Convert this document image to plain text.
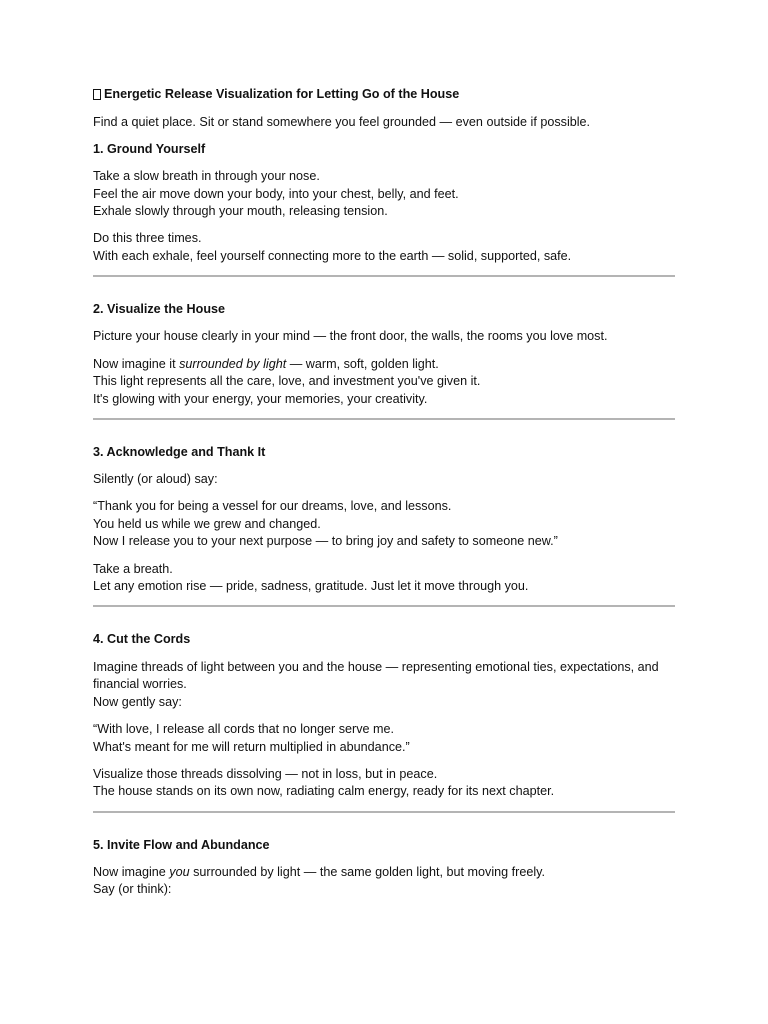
Energetic Release Visualization for Letting Go of the House

Find a quiet place. Sit or stand somewhere you feel grounded — even outside if possible.

1. Ground Yourself

Take a slow breath in through your nose.
Feel the air move down your body, into your chest, belly, and feet.
Exhale slowly through your mouth, releasing tension.

Do this three times.
With each exhale, feel yourself connecting more to the earth — solid, supported, safe.

2. Visualize the House

Picture your house clearly in your mind — the front door, the walls, the rooms you love most.

Now imagine it surrounded by light — warm, soft, golden light.
This light represents all the care, love, and investment you've given it.
It's glowing with your energy, your memories, your creativity.

3. Acknowledge and Thank It

Silently (or aloud) say:

“Thank you for being a vessel for our dreams, love, and lessons.
You held us while we grew and changed.
Now I release you to your next purpose — to bring joy and safety to someone new.”

Take a breath.
Let any emotion rise — pride, sadness, gratitude. Just let it move through you.

4. Cut the Cords

Imagine threads of light between you and the house — representing emotional ties, expectations, and financial worries.
Now gently say:

“With love, I release all cords that no longer serve me.
What's meant for me will return multiplied in abundance.”

Visualize those threads dissolving — not in loss, but in peace.
The house stands on its own now, radiating calm energy, ready for its next chapter.

5. Invite Flow and Abundance

Now imagine you surrounded by light — the same golden light, but moving freely.
Say (or think):
